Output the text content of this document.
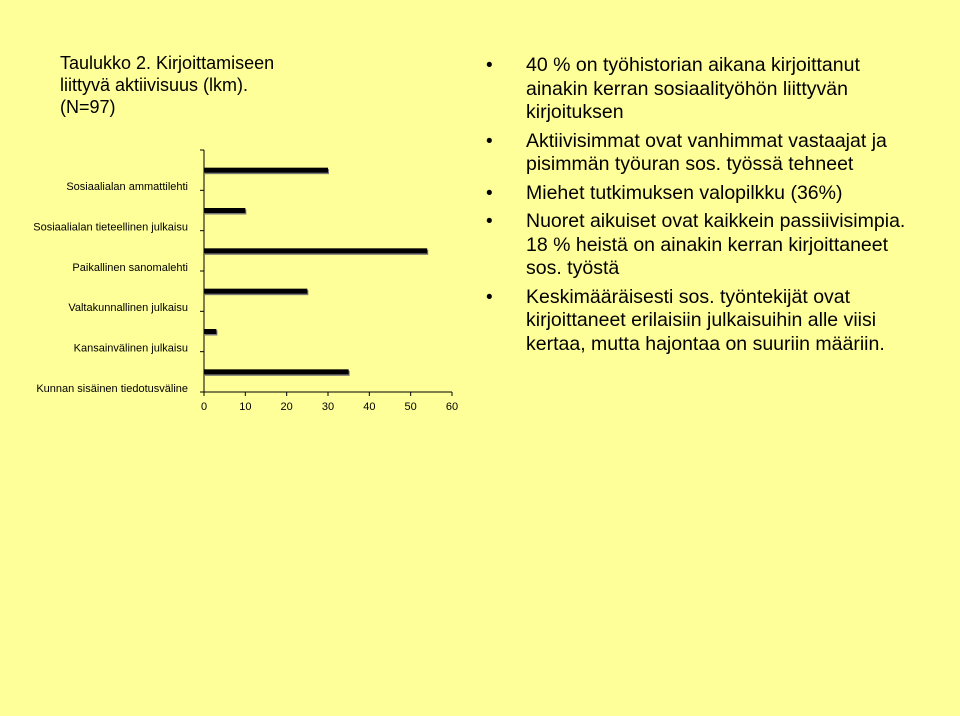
Taulukko 2. Kirjoittamiseen
liittyvä aktiivisuus (lkm).
(N=97)
Sosiaalialan ammattilehti
Sosiaalialan tieteellinen julkaisu
Paikallinen sanomalehti
Valtakunnallinen julkaisu
Kansainvälinen julkaisu
Kunnan sisäinen tiedotusväline
0	10	20	30	40	50	60
• 40 % on työhistorian aikana kirjoittanut ainakin kerran sosiaalityöhön liittyvän kirjoituksen
• Aktiivisimmat ovat vanhimmat vastaajat ja pisimmän työuran sos. työssä tehneet
• Miehet tutkimuksen valopilkku (36%)
• Nuoret aikuiset ovat kaikkein passiivisimpia. 18 % heistä on ainakin kerran kirjoittaneet sos. työstä
• Keskimääräisesti sos. työntekijät ovat kirjoittaneet erilaisiin julkaisuihin alle viisi kertaa, mutta hajontaa on suuriin määriin.
